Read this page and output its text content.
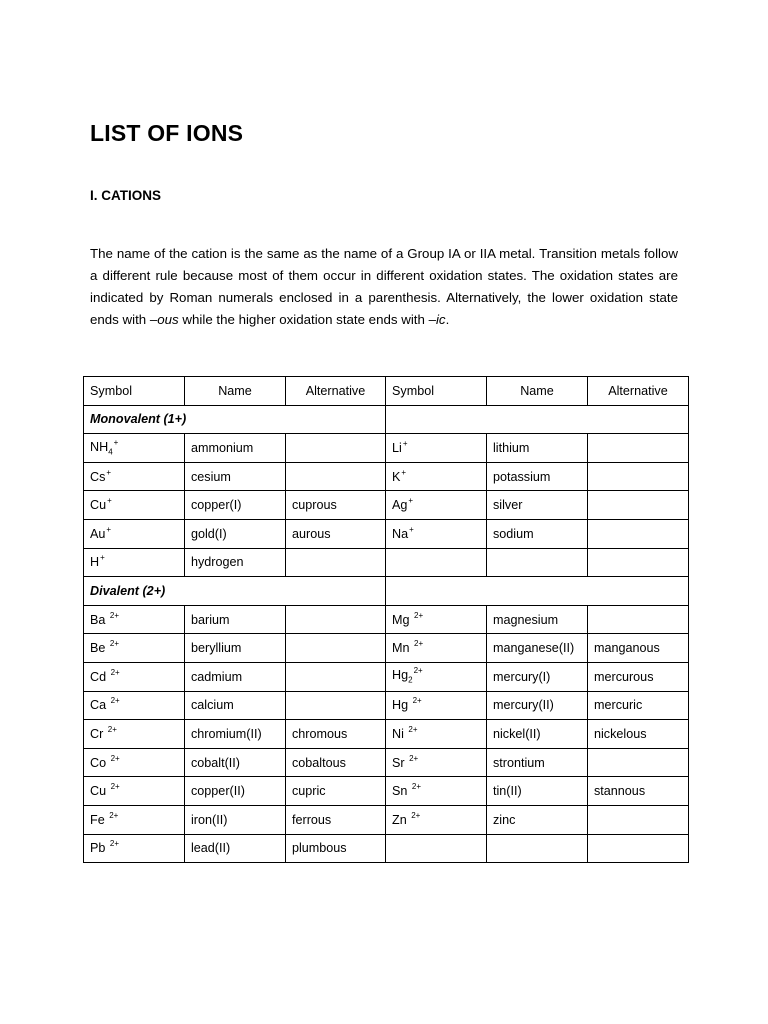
LIST OF IONS
I. CATIONS

The name of the cation is the same as the name of a Group IA or IIA metal. Transition metals follow a different rule because most of them occur in different oxidation states. The oxidation states are indicated by Roman numerals enclosed in a parenthesis. Alternatively, the lower oxidation state ends with –ous while the higher oxidation state ends with –ic.

Symbol	Name	Alternative	Symbol	Name	Alternative
Monovalent (1+)					
$NH_4^+$	ammonium		Li+	lithium	
Cs+	cesium		K+	potassium	
Cu+	copper(I)	cuprous	Ag+	silver	
Au+	gold(I)	aurous	Na+	sodium	
H+	hydrogen				
Divalent (2+)					
Ba $^{2+}$	barium		Mg $^{2+}$	magnesium	
Be $^{2+}$	beryllium		Mn $^{2+}$	manganese(II)	manganous
Cd $^{2+}$	cadmium		$Hg_2^{2+}$	mercury(I)	mercurous
Ca $^{2+}$	calcium		Hg $^{2+}$	mercury(II)	mercuric
Cr $^{2+}$	chromium(II)	chromous	Ni $^{2+}$	nickel(II)	nickelous
Co $^{2+}$	cobalt(II)	cobaltous	Sr $^{2+}$	strontium	
Cu $^{2+}$	copper(II)	cupric	Sn $^{2+}$	tin(II)	stannous
Fe $^{2+}$	iron(II)	ferrous	Zn $^{2+}$	zinc	
Pb $^{2+}$	lead(II)	plumbous			
